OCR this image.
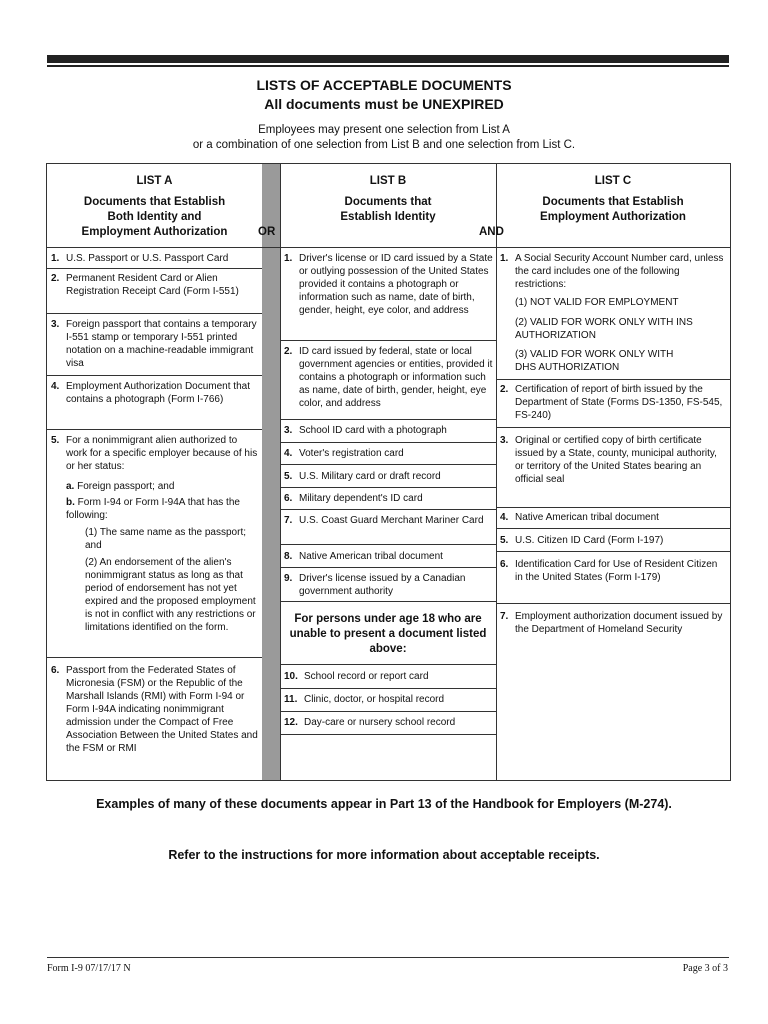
LISTS OF ACCEPTABLE DOCUMENTS
All documents must be UNEXPIRED
Employees may present one selection from List A
or a combination of one selection from List B and one selection from List C.
LIST A
Documents that Establish Both Identity and Employment Authorization
LIST B
Documents that Establish Identity
LIST C
Documents that Establish Employment Authorization
OR	AND
1. U.S. Passport or U.S. Passport Card
2. Permanent Resident Card or Alien Registration Receipt Card (Form I-551)
3. Foreign passport that contains a temporary I-551 stamp or temporary I-551 printed notation on a machine-readable immigrant visa
4. Employment Authorization Document that contains a photograph (Form I-766)
5. For a nonimmigrant alien authorized to work for a specific employer because of his or her status:
a. Foreign passport; and
b. Form I-94 or Form I-94A that has the following:
(1) The same name as the passport; and
(2) An endorsement of the alien's nonimmigrant status as long as that period of endorsement has not yet expired and the proposed employment is not in conflict with any restrictions or limitations identified on the form.
6. Passport from the Federated States of Micronesia (FSM) or the Republic of the Marshall Islands (RMI) with Form I-94 or Form I-94A indicating nonimmigrant admission under the Compact of Free Association Between the United States and the FSM or RMI
1. Driver's license or ID card issued by a State or outlying possession of the United States provided it contains a photograph or information such as name, date of birth, gender, height, eye color, and address
2. ID card issued by federal, state or local government agencies or entities, provided it contains a photograph or information such as name, date of birth, gender, height, eye color, and address
3. School ID card with a photograph
4. Voter's registration card
5. U.S. Military card or draft record
6. Military dependent's ID card
7. U.S. Coast Guard Merchant Mariner Card
8. Native American tribal document
9. Driver's license issued by a Canadian government authority
For persons under age 18 who are unable to present a document listed above:
10. School record or report card
11. Clinic, doctor, or hospital record
12. Day-care or nursery school record
1. A Social Security Account Number card, unless the card includes one of the following restrictions:
(1) NOT VALID FOR EMPLOYMENT
(2) VALID FOR WORK ONLY WITH INS AUTHORIZATION
(3) VALID FOR WORK ONLY WITH DHS AUTHORIZATION
2. Certification of report of birth issued by the Department of State (Forms DS-1350, FS-545, FS-240)
3. Original or certified copy of birth certificate issued by a State, county, municipal authority, or territory of the United States bearing an official seal
4. Native American tribal document
5. U.S. Citizen ID Card (Form I-197)
6. Identification Card for Use of Resident Citizen in the United States (Form I-179)
7. Employment authorization document issued by the Department of Homeland Security
Examples of many of these documents appear in Part 13 of the Handbook for Employers (M-274).
Refer to the instructions for more information about acceptable receipts.
Form I-9 07/17/17 N	Page 3 of 3
